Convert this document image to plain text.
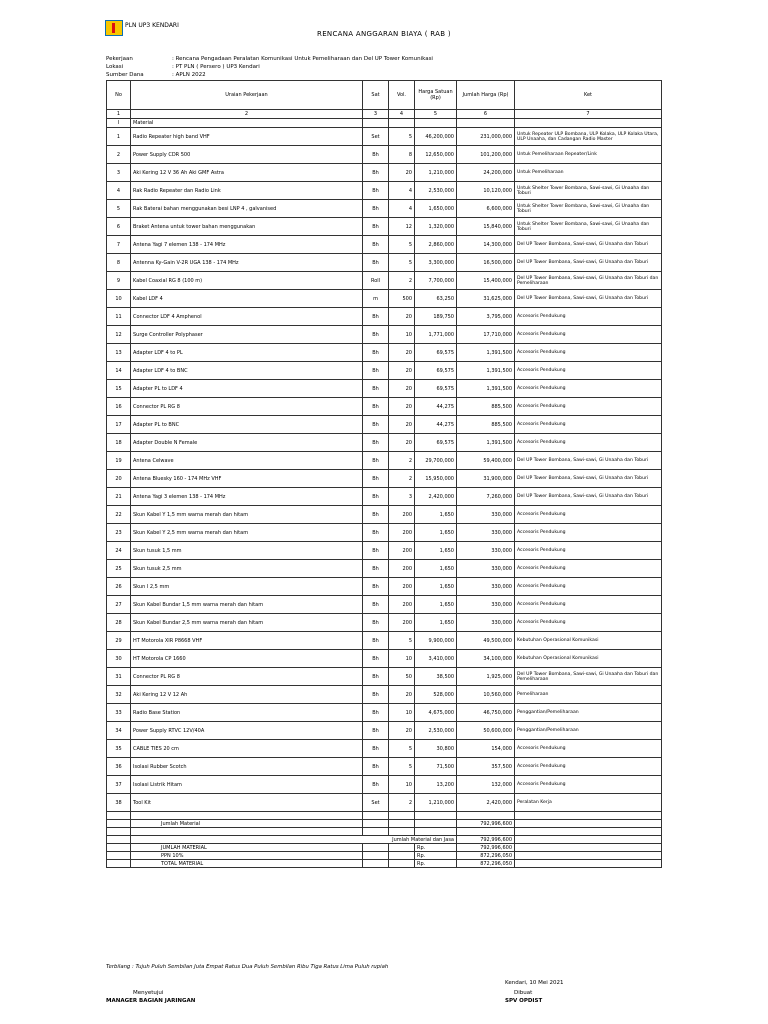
PLN UP3 KENDARI
RENCANA ANGGARAN BIAYA ( RAB )
Pekerjaan	: Rencana Pengadaan Peralatan Komunikasi Untuk Pemeliharaan dan Del UP Tower Komunikasi
Lokasi	: PT PLN ( Persero ) UP3 Kendari
Sumber Dana	: APLN 2022
No	Uraian Pekerjaan	Sat	Vol.	Harga Satuan (Rp)	Jumlah Harga (Rp)	Ket
1	2	3	4	5	6	7
I	Material					
1	Radio Repeater high band VHF	Set	5	46,200,000	231,000,000	Untuk Repeater ULP Bombana, ULP Kolaka, ULP Kolaka Utara, ULP Unaaha, dan Cadangan Radio Master
2	Power Supply CDR 500	Bh	8	12,650,000	101,200,000	Untuk Pemeliharaan Repeater/Link
3	Aki Kering 12 V 36 Ah Aki GMF Astra	Bh	20	1,210,000	24,200,000	Untuk Pemeliharaan
4	Rak Radio Repeater dan Radio Link	Bh	4	2,530,000	10,120,000	Untuk Shelter Tower Bombana, Sawi-sawi, Gi Unaaha dan Toburi
5	Rak Baterai bahan menggunakan besi LNP 4 , galvanised	Bh	4	1,650,000	6,600,000	Untuk Shelter Tower Bombana, Sawi-sawi, Gi Unaaha dan Toburi
6	Braket Antena untuk tower bahan menggunakan	Bh	12	1,320,000	15,840,000	Untuk Shelter Tower Bombana, Sawi-sawi, Gi Unaaha dan Toburi
7	Antena Yagi 7 elemen 138 - 174 MHz	Bh	5	2,860,000	14,300,000	Del UP Tower Bombana, Sawi-sawi, Gi Unaaha dan Toburi
8	Antenna Ky-Gain V-2R UGA 138 - 174 MHz	Bh	5	3,300,000	16,500,000	Del UP Tower Bombana, Sawi-sawi, Gi Unaaha dan Toburi
9	Kabel Coaxial RG 8 (100 m)	Roll	2	7,700,000	15,400,000	Del UP Tower Bombana, Sawi-sawi, Gi Unaaha dan Toburi dan Pemeliharaan
10	Kabel LDF 4	m	500	63,250	31,625,000	Del UP Tower Bombana, Sawi-sawi, Gi Unaaha dan Toburi
11	Connector LDF 4 Amphenol	Bh	20	189,750	3,795,000	Accesoris Pendukung
12	Surge Controller Polyphaser	Bh	10	1,771,000	17,710,000	Accesoris Pendukung
13	Adapter LDF 4 to PL	Bh	20	69,575	1,391,500	Accesoris Pendukung
14	Adapter LDF 4 to BNC	Bh	20	69,575	1,391,500	Accesoris Pendukung
15	Adapter PL to LDF 4	Bh	20	69,575	1,391,500	Accesoris Pendukung
16	Connector PL RG 8	Bh	20	44,275	885,500	Accesoris Pendukung
17	Adapter PL to BNC	Bh	20	44,275	885,500	Accesoris Pendukung
18	Adapter Double N Female	Bh	20	69,575	1,391,500	Accesoris Pendukung
19	Antena Celwave	Bh	2	29,700,000	59,400,000	Del UP Tower Bombana, Sawi-sawi, Gi Unaaha dan Toburi
20	Antena Bluesky 160 - 174 MHz VHF	Bh	2	15,950,000	31,900,000	Del UP Tower Bombana, Sawi-sawi, Gi Unaaha dan Toburi
21	Antena Yagi 3 elemen 138 - 174 MHz	Bh	3	2,420,000	7,260,000	Del UP Tower Bombana, Sawi-sawi, Gi Unaaha dan Toburi
22	Skun Kabel Y 1,5 mm warna merah dan hitam	Bh	200	1,650	330,000	Accesoris Pendukung
23	Skun Kabel Y 2,5 mm warna merah dan hitam	Bh	200	1,650	330,000	Accesoris Pendukung
24	Skun tusuk 1,5 mm	Bh	200	1,650	330,000	Accesoris Pendukung
25	Skun tusuk 2,5 mm	Bh	200	1,650	330,000	Accesoris Pendukung
26	Skun I 2,5 mm	Bh	200	1,650	330,000	Accesoris Pendukung
27	Skun Kabel Bundar 1,5 mm warna merah dan hitam	Bh	200	1,650	330,000	Accesoris Pendukung
28	Skun Kabel Bundar 2,5 mm warna merah dan hitam	Bh	200	1,650	330,000	Accesoris Pendukung
29	HT Motorola XIR P8668 VHF	Bh	5	9,900,000	49,500,000	Kebutuhan Operasional Komunikasi
30	HT Motorola CP 1660	Bh	10	3,410,000	34,100,000	Kebutuhan Operasional Komunikasi
31	Connector PL RG 8	Bh	50	38,500	1,925,000	Del UP Tower Bombana, Sawi-sawi, Gi Unaaha dan Toburi dan Pemeliharaan
32	Aki Kering 12 V 12 Ah	Bh	20	528,000	10,560,000	Pemeliharaan
33	Radio Base Station	Bh	10	4,675,000	46,750,000	Penggantian/Pemeliharaan
34	Power Supply RTVC 12V/40A	Bh	20	2,530,000	50,600,000	Penggantian/Pemeliharaan
35	CABLE TIES 20 cm	Bh	5	30,800	154,000	Accesoris Pendukung
36	Isolasi Rubber Scotch	Bh	5	71,500	357,500	Accesoris Pendukung
37	Isolasi Listrik Hitam	Bh	10	13,200	132,000	Accesoris Pendukung
38	Tool Kit	Set	2	1,210,000	2,420,000	Peralatan Kerja

	Jumlah Material				792,996,600	

	Jumlah Material dan Jasa				792,996,600	
	JUMLAH MATERIAL			Rp.	792,996,600	
	PPN 10%			Rp.	872,296,050	
	TOTAL MATERIAL			Rp.	872,296,050	
Terbilang : Tujuh Puluh Sembilan Juta Empat Ratus Dua Puluh Sembilan Ribu Tiga Ratus Lima Puluh rupiah
Kendari, 10 Mei 2021
Menyetujui
MANAGER BAGIAN JARINGAN
Dibuat
SPV OPDIST
